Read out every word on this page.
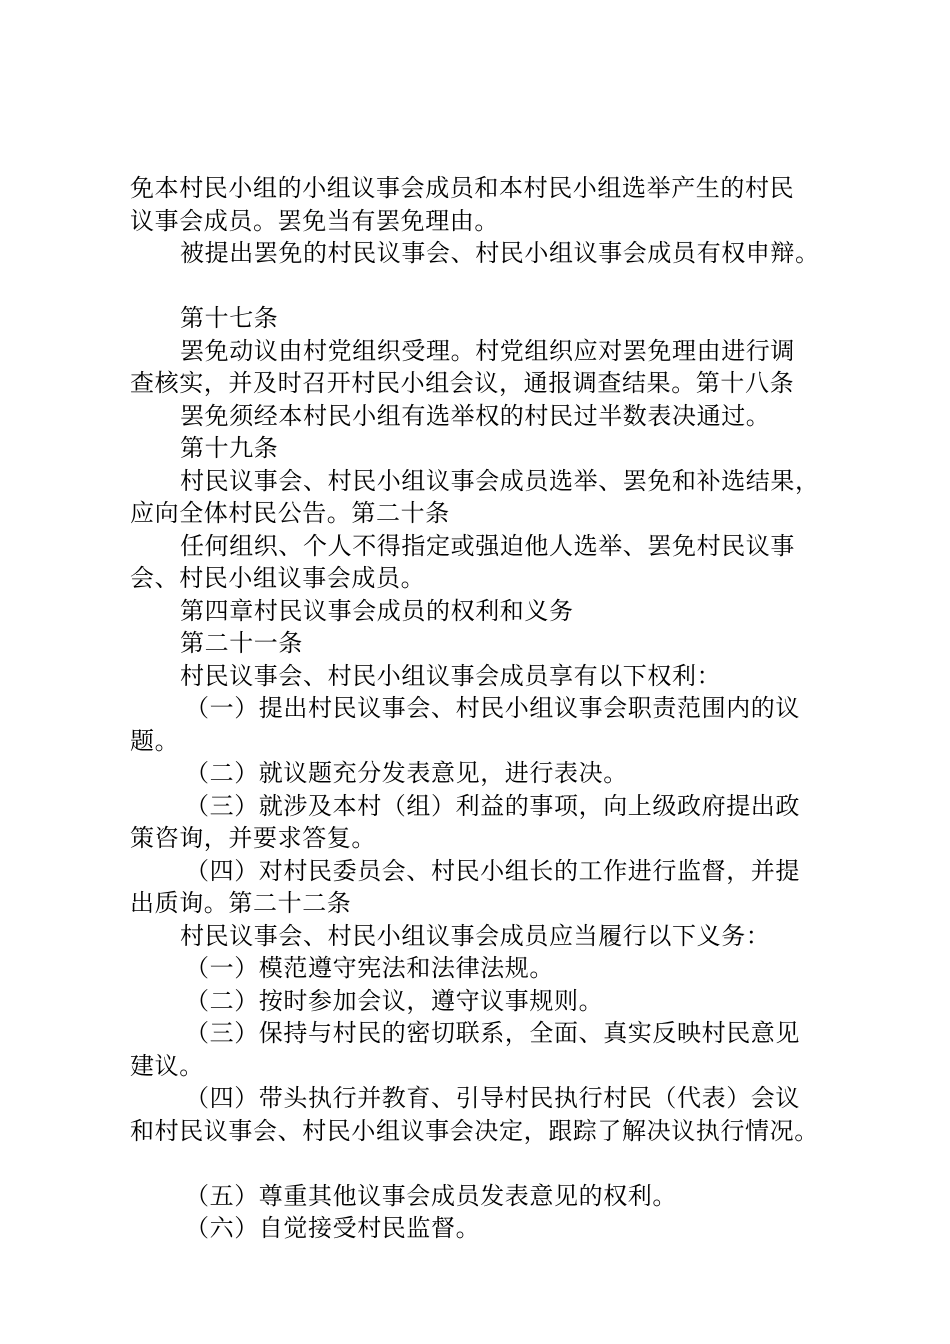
免本村民小组的小组议事会成员和本村民小组选举产生的村民
议事会成员。罢免当有罢免理由。
被提出罢免的村民议事会、村民小组议事会成员有权申辩。
第十七条
罢免动议由村党组织受理。村党组织应对罢免理由进行调
查核实，并及时召开村民小组会议，通报调查结果。第十八条
罢免须经本村民小组有选举权的村民过半数表决通过。
第十九条
村民议事会、村民小组议事会成员选举、罢免和补选结果，
应向全体村民公告。第二十条
任何组织、个人不得指定或强迫他人选举、罢免村民议事
会、村民小组议事会成员。
第四章村民议事会成员的权利和义务
第二十一条
村民议事会、村民小组议事会成员享有以下权利：
（一）提出村民议事会、村民小组议事会职责范围内的议
题。
（二）就议题充分发表意见，进行表决。
（三）就涉及本村（组）利益的事项，向上级政府提出政
策咨询，并要求答复。
（四）对村民委员会、村民小组长的工作进行监督，并提
出质询。第二十二条
村民议事会、村民小组议事会成员应当履行以下义务：
（一）模范遵守宪法和法律法规。
（二）按时参加会议，遵守议事规则。
（三）保持与村民的密切联系，全面、真实反映村民意见
建议。
（四）带头执行并教育、引导村民执行村民（代表）会议
和村民议事会、村民小组议事会决定，跟踪了解决议执行情况。
（五）尊重其他议事会成员发表意见的权利。
（六）自觉接受村民监督。
